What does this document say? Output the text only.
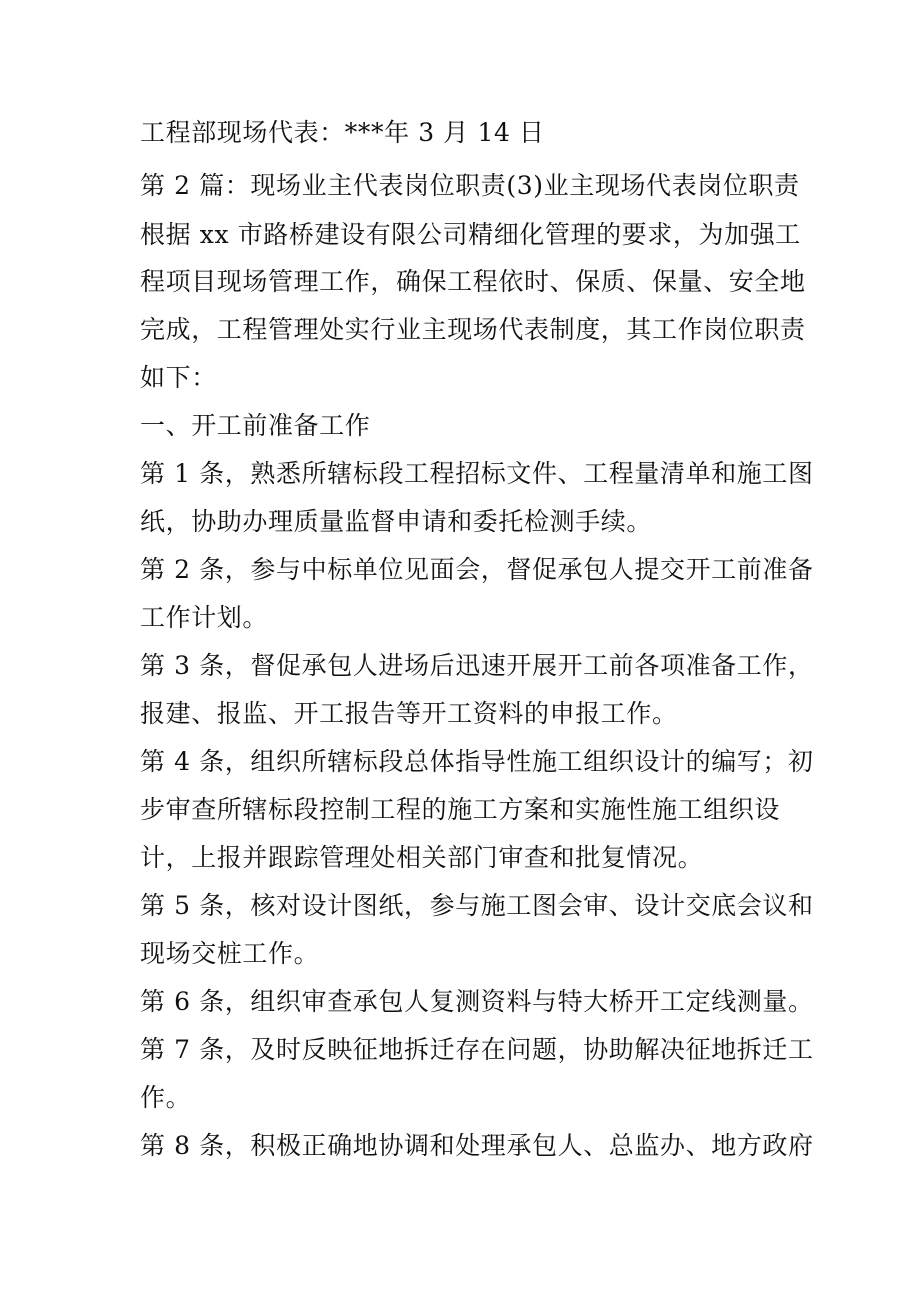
工程部现场代表：***年 3 月 14 日
第 2 篇：现场业主代表岗位职责(3)业主现场代表岗位职责
根据 xx 市路桥建设有限公司精细化管理的要求，为加强工
程项目现场管理工作，确保工程依时、保质、保量、安全地
完成，工程管理处实行业主现场代表制度，其工作岗位职责
如下：
一、开工前准备工作
第 1 条，熟悉所辖标段工程招标文件、工程量清单和施工图
纸，协助办理质量监督申请和委托检测手续。
第 2 条，参与中标单位见面会，督促承包人提交开工前准备
工作计划。
第 3 条，督促承包人进场后迅速开展开工前各项准备工作，
报建、报监、开工报告等开工资料的申报工作。
第 4 条，组织所辖标段总体指导性施工组织设计的编写；初
步审查所辖标段控制工程的施工方案和实施性施工组织设
计，上报并跟踪管理处相关部门审查和批复情况。
第 5 条，核对设计图纸，参与施工图会审、设计交底会议和
现场交桩工作。
第 6 条，组织审查承包人复测资料与特大桥开工定线测量。
第 7 条，及时反映征地拆迁存在问题，协助解决征地拆迁工
作。
第 8 条，积极正确地协调和处理承包人、总监办、地方政府
